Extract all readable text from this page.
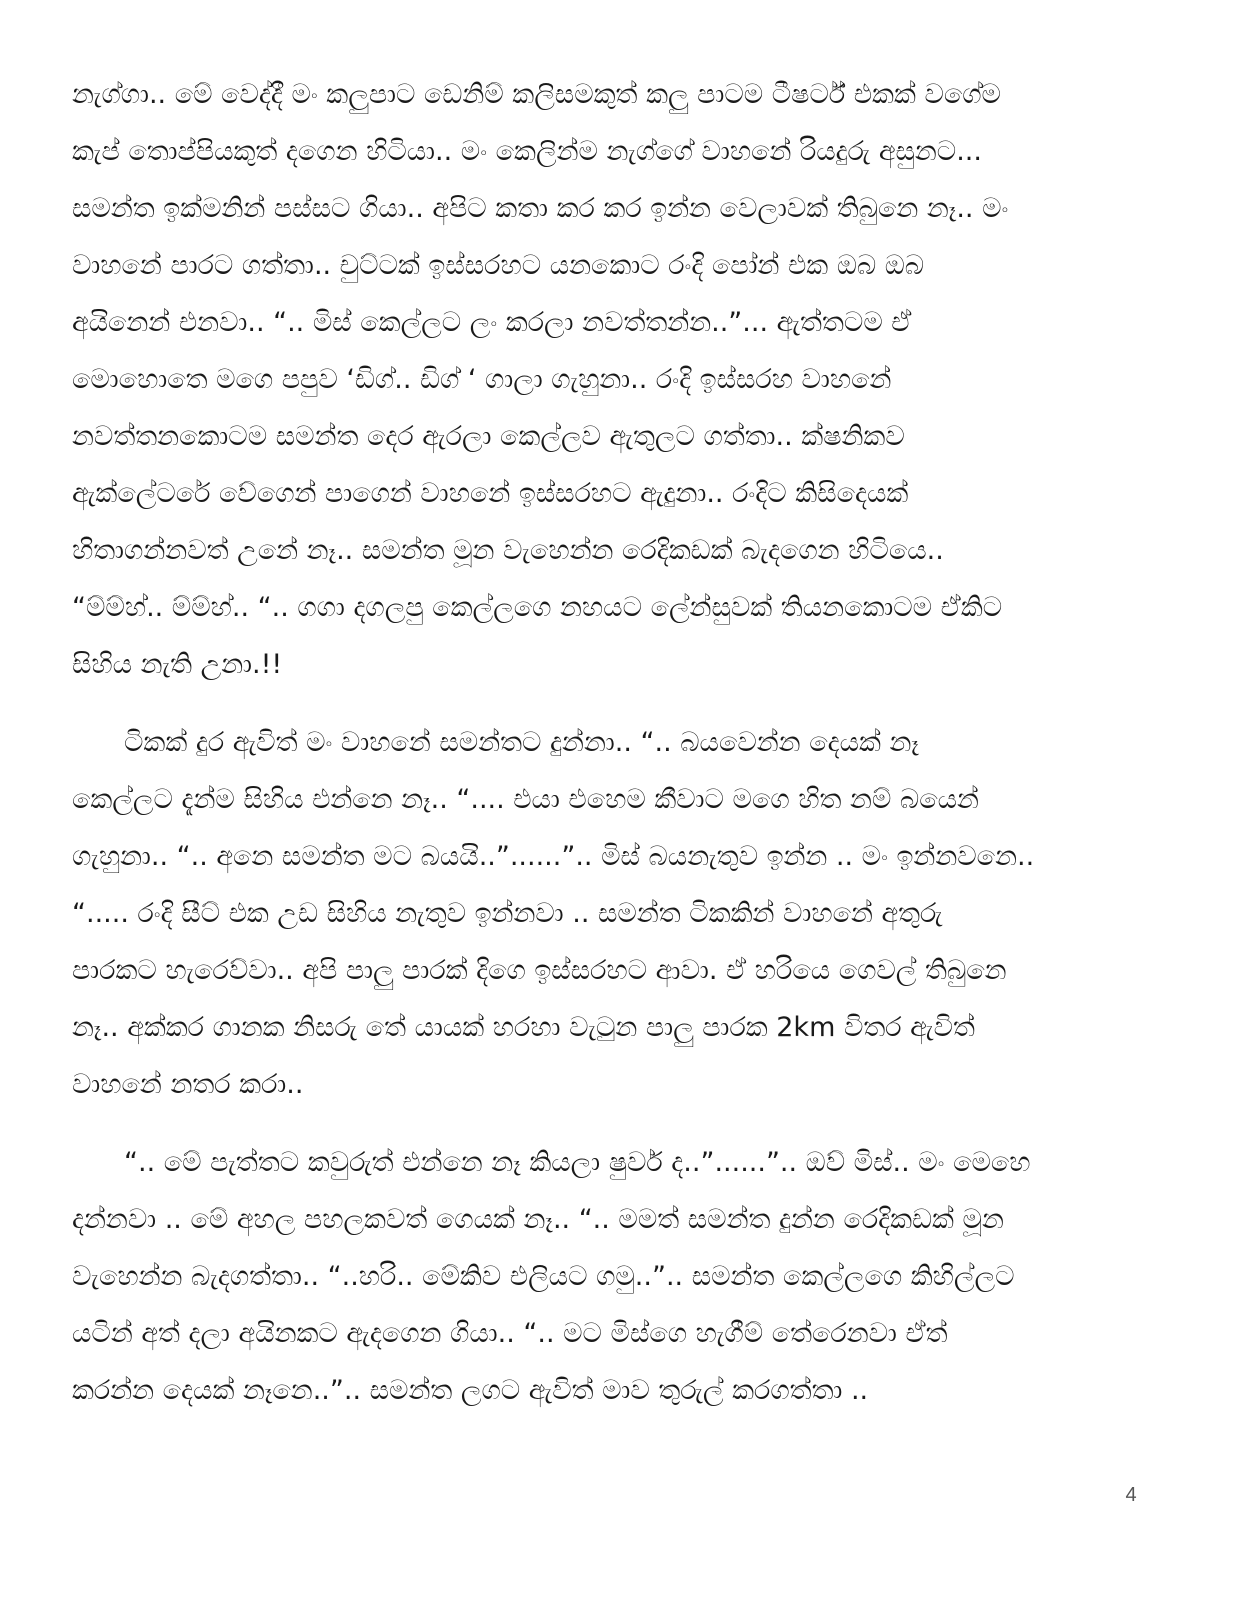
නැග්ගා.. මේ වෙද්දී මං කලුපාට ඩෙනිම් කලිසමකුත් කලු පාටම ටීෂර්ට් එකක් වගේම
කැප් තොප්පියකුත් දගෙන හිටියා.. මං කෙලින්ම නැග්ගේ වාහනේ රියදුරු අසුනට...
සමන්ත ඉක්මනින් පස්සට ගියා.. අපිට කතා කර කර ඉන්න වෙලාවක් තිබුනෙ නෑ.. මං
වාහනේ පාරට ගත්තා.. චුට්ටක් ඉස්සරහට යනකොට රංදි පෝන් එක ඔබ ඔබ
අයිනෙන් එනවා.. “.. මිස් කෙල්ලට ලං කරලා නවත්තන්න..”... ඇත්තටම ඒ
මොහොතෙ මගෙ පපුව ‘ඩිග්.. ඩිග් ‘ ගාලා ගැහුනා.. රංදි ඉස්සරහ වාහනේ
නවත්තනකොටම සමන්ත දෙර ඇරලා කෙල්ලව ඇතුලට ගත්තා.. ක්ෂනිකව
ඇක්ලේටරේ වේගෙන් පාගෙන් වාහනේ ඉස්සරහට ඇදුනා.. රංදිට කිසිදෙයක්
හිතාගන්නවත් උනේ නෑ.. සමන්ත මූන වැහෙන්න රෙදිකඩක් බැදගෙන හිටියෙ..
“ම්ම්හ්.. ම්ම්හ්.. “.. ගගා දගලපු කෙල්ලගෙ නහයට ලේන්සුවක් තියනකොටම ඒකිට
සිහිය නැති උනා.!!
ටිකක් දුර ඇවිත් මං වාහනේ සමන්තට දුන්නා.. “.. බයවෙන්න දෙයක් නෑ
කෙල්ලට දැන්ම සිහිය එන්නෙ නෑ.. “.... එයා එහෙම කීවාට මගෙ හිත නම් බයෙන්
ගැහුනා.. “.. අනෙ සමන්ත මට බයයි..”......”.. මිස් බයනැතුව ඉන්න .. මං ඉන්නවනෙ..
“..... රංදි සීට් එක උඩ සිහිය නැතුව ඉන්නවා .. සමන්ත ටිකකින් වාහනේ අතුරු
පාරකට හැරෙව්වා.. අපි පාලු පාරක් දිගෙ ඉස්සරහට ආවා. ඒ හරියෙ ගෙවල් තිබුනෙ
නෑ.. අක්කර ගානක නිසරු තේ යායක් හරහා වැටුන පාලු පාරක 2km විතර ඇවිත්
වාහනේ නතර කරා..
“.. මේ පැත්තට කවුරුත් එන්නෙ නෑ කියලා ෂුවර් ද..”......”.. ඔව් මිස්.. මං මෙහෙ
දන්නවා .. මේ අහල පහලකවත් ගෙයක් නෑ.. “.. මමත් සමන්ත දුන්න රෙදිකඩක් මූන
වැහෙන්න බැදගත්තා.. “..හරි.. මේකිව එලියට ගමු..”.. සමන්ත කෙල්ලගෙ කිහිල්ලට
යටින් අත් දලා අයිනකට ඇදගෙන ගියා.. “.. මට මිස්ගෙ හැගීම් තේරෙනවා ඒත්
කරන්න දෙයක් නෑනෙ..”.. සමන්ත ලගට ඇවිත් මාව තුරුල් කරගත්තා ..
4
